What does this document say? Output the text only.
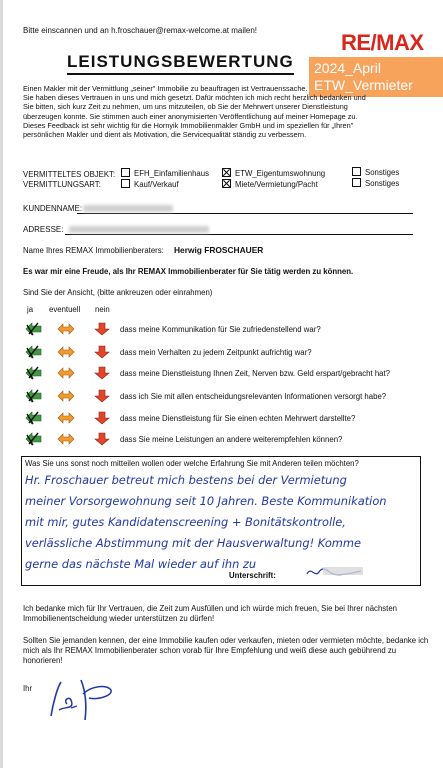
Bitte einscannen und an h.froschauer@remax-welcome.at mailen!	RE/MAX
2024_April
ETW_Vermieter
LEISTUNGSBEWERTUNG

Einen Makler mit der Vermittlung „seiner" Immobilie zu beauftragen ist Vertrauenssache.

Sie haben dieses Vertrauen in uns und mich gesetzt. Dafür möchten ich mich recht herzlich bedanken und

Sie bitten, sich kurz Zeit zu nehmen, um uns mitzuteilen, ob Sie der Mehrwert unserer Dienstleistung

überzeugen konnte. Sie stimmen auch einer anonymisierten Veröffentlichung auf meiner Homepage zu.

Dieses Feedback ist sehr wichtig für die Hornyik Immobilienmakler GmbH und im speziellen für „Ihren"

persönlichen Makler und dient als Motivation, die Servicequalität ständig zu verbessern.

VERMITTELTES OBJEKT:
VERMITTLUNGSART:
EFH_Einfamilienhaus
Kauf/Verkauf
ETW_Eigentumswohnung
Miete/Vermietung/Pacht
Sonstiges
Sonstiges
KUNDENNAME:
ADRESSE:
Name Ihres REMAX Immobilienberaters: Herwig FROSCHAUER
Es war mir eine Freude, als Ihr REMAX Immobilienberater für Sie tätig werden zu können.
Sind Sie der Ansicht, (bitte ankreuzen oder einrahmen)
ja eventuell nein
dass meine Kommunikation für Sie zufriedenstellend war?
dass mein Verhalten zu jedem Zeitpunkt aufrichtig war?
dass meine Dienstleistung Ihnen Zeit, Nerven bzw. Geld erspart/gebracht hat?
dass ich Sie mit allen entscheidungsrelevanten Informationen versorgt habe?
dass meine Dienstleistung für Sie einen echten Mehrwert darstellte?
dass Sie meine Leistungen an andere weiterempfehlen können?
Was Sie uns sonst noch mitteilen wollen oder welche Erfahrung Sie mit Anderen teilen möchten?
Hr. Froschauer betreut mich bestens bei der Vermietung
meiner Vorsorgewohnung seit 10 Jahren. Beste Kommunikation
mit mir, gutes Kandidatenscreening + Bonitätskontrolle,
verlässliche Abstimmung mit der Hausverwaltung! Komme
gerne das nächste Mal wieder auf ihn zu
Unterschrift:
Ich bedanke mich für Ihr Vertrauen, die Zeit zum Ausfüllen und ich würde mich freuen, Sie bei Ihrer nächsten Immobilienentscheidung wieder unterstützen zu dürfen!
Sollten Sie jemanden kennen, der eine Immobilie kaufen oder verkaufen, mieten oder vermieten möchte, bedanke ich mich als Ihr REMAX Immobilienberater schon vorab für Ihre Empfehlung und weiß diese auch gebührend zu honorieren!
Ihr
